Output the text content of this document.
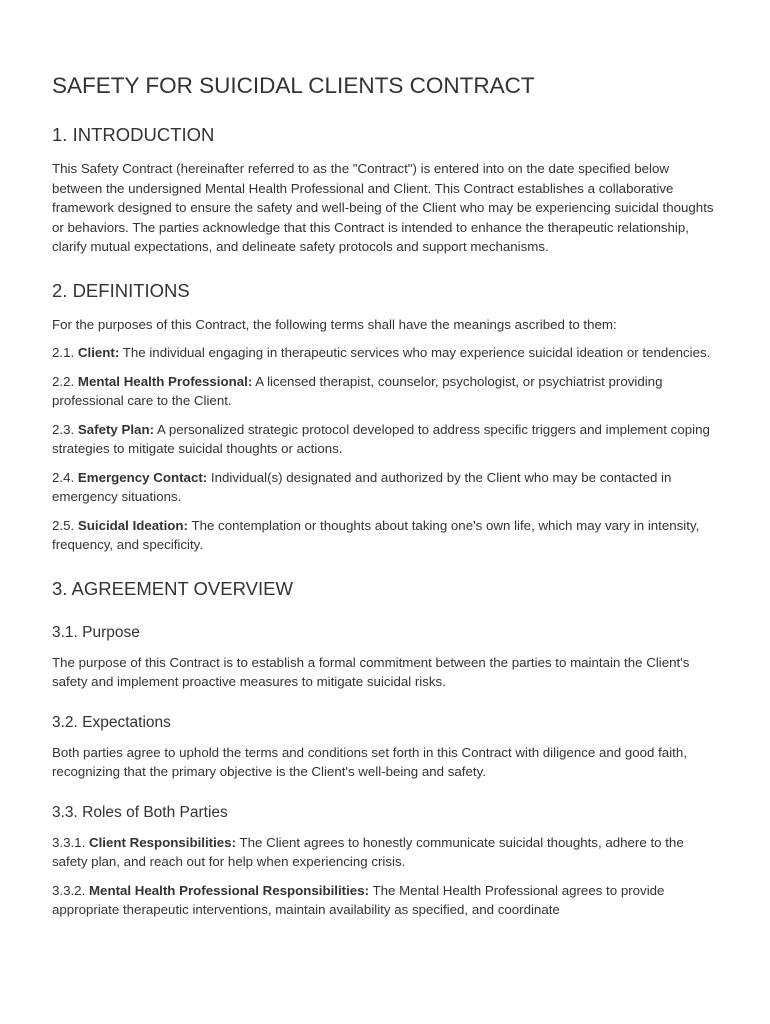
SAFETY FOR SUICIDAL CLIENTS CONTRACT
1. INTRODUCTION

This Safety Contract (hereinafter referred to as the "Contract") is entered into on the date specified below between the undersigned Mental Health Professional and Client. This Contract establishes a collaborative framework designed to ensure the safety and well-being of the Client who may be experiencing suicidal thoughts or behaviors. The parties acknowledge that this Contract is intended to enhance the therapeutic relationship, clarify mutual expectations, and delineate safety protocols and support mechanisms.

2. DEFINITIONS

For the purposes of this Contract, the following terms shall have the meanings ascribed to them:

2.1. Client: The individual engaging in therapeutic services who may experience suicidal ideation or tendencies.

2.2. Mental Health Professional: A licensed therapist, counselor, psychologist, or psychiatrist providing professional care to the Client.

2.3. Safety Plan: A personalized strategic protocol developed to address specific triggers and implement coping strategies to mitigate suicidal thoughts or actions.

2.4. Emergency Contact: Individual(s) designated and authorized by the Client who may be contacted in emergency situations.

2.5. Suicidal Ideation: The contemplation or thoughts about taking one's own life, which may vary in intensity, frequency, and specificity.

3. AGREEMENT OVERVIEW
3.1. Purpose

The purpose of this Contract is to establish a formal commitment between the parties to maintain the Client's safety and implement proactive measures to mitigate suicidal risks.

3.2. Expectations

Both parties agree to uphold the terms and conditions set forth in this Contract with diligence and good faith, recognizing that the primary objective is the Client's well-being and safety.

3.3. Roles of Both Parties

3.3.1. Client Responsibilities: The Client agrees to honestly communicate suicidal thoughts, adhere to the safety plan, and reach out for help when experiencing crisis.

3.3.2. Mental Health Professional Responsibilities: The Mental Health Professional agrees to provide appropriate therapeutic interventions, maintain availability as specified, and coordinate
